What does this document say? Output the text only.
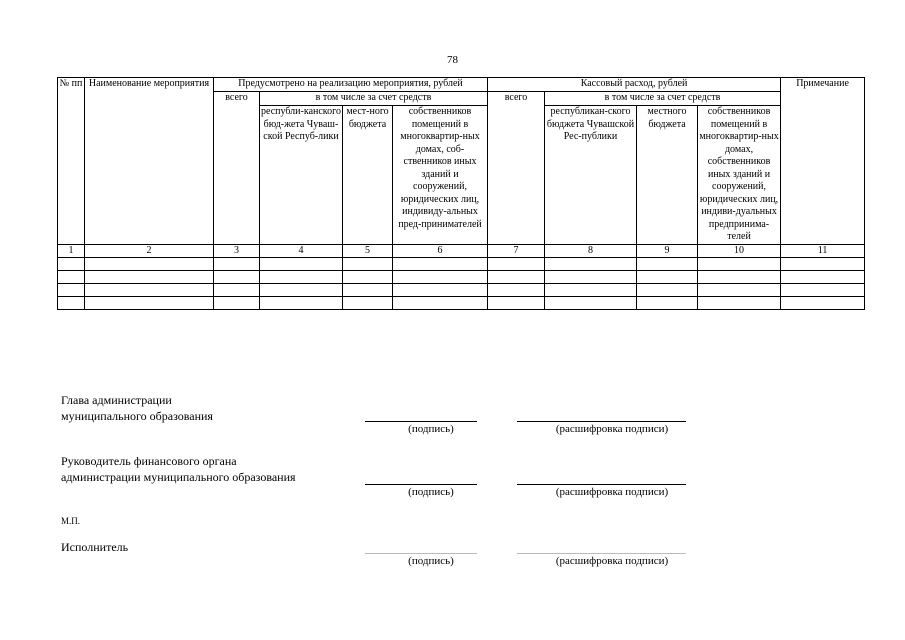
78
№ пп	Наименование мероприятия	Предусмотрено на реализацию мероприятия, рублей				Кассовый расход, рублей				Примечание
		всего	в том числе за счет средств			всего	в том числе за счет средств			
			республи-канского бюд-жета Чуваш-ской Респуб-лики	мест-ного бюджета	собственников помещений в многоквартир-ных домах, соб-ственников иных зданий и сооружений, юридических лиц, индивиду-альных пред-принимателей		республикан-ского бюджета Чувашской Рес-публики	местного бюджета	собственников помещений в многоквартир-ных домах, собственников иных зданий и сооружений, юридических лиц, индиви-дуальных предпринима-телей	
1	2	3	4	5	6	7	8	9	10	11

Глава администрации
муниципального образования
(подпись)	(расшифровка подписи)
Руководитель финансового органа
администрации муниципального образования
(подпись)	(расшифровка подписи)
М.П.
Исполнитель
(подпись)	(расшифровка подписи)
